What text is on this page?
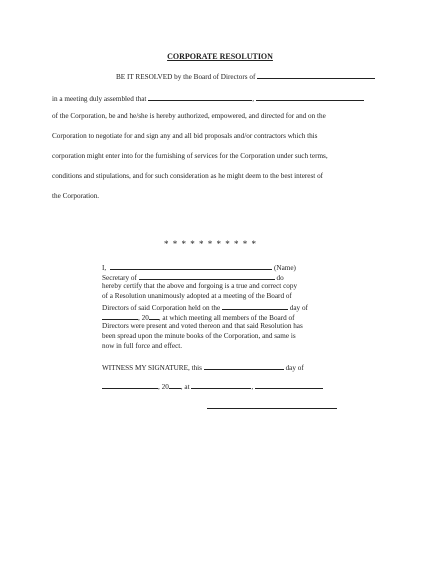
CORPORATE RESOLUTION
BE IT RESOLVED by the Board of Directors of
in a meeting duly assembled that	,
of the Corporation, be and he/she is hereby authorized, empowered, and directed for and on the
Corporation to negotiate for and sign any and all bid proposals and/or contractors which this
corporation might enter into for the furnishing of services for the Corporation under such terms,
conditions and stipulations, and for such consideration as he might deem to the best interest of
the Corporation.
* * * * * * * * * * *
I,	(Name)
Secretary of	do
hereby certify that the above and forgoing is a true and correct copy
of a Resolution unanimously adopted at a meeting of the Board of
Directors of said Corporation held on the	day of
, 20 , at which meeting all members of the Board of
Directors were present and voted thereon and that said Resolution has
been spread upon the minute books of the Corporation, and same is
now in full force and effect.
WITNESS MY SIGNATURE, this	day of
, 20 , at	,
